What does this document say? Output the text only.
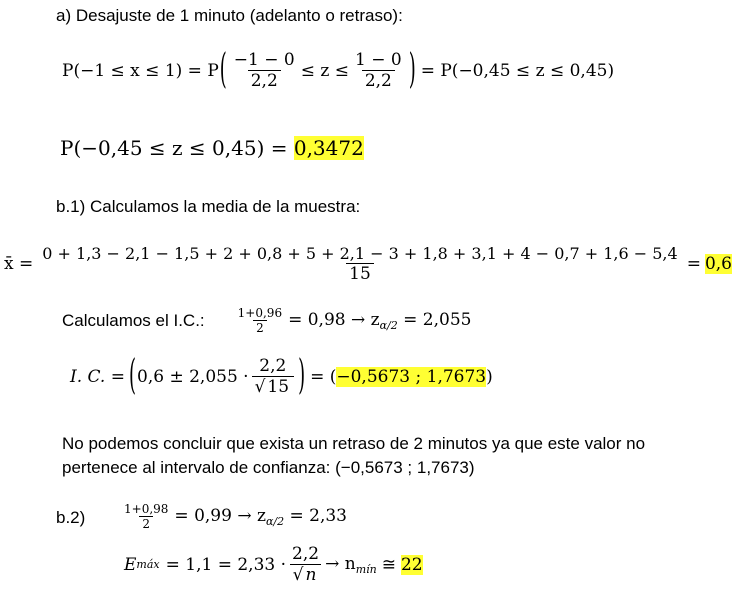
a) Desajuste de 1 minuto (adelanto o retraso):
P(−1 ≤ x ≤ 1) = P ( $\frac{-1 - 0}{2,2} \le z \le \frac{1 - 0}{2,2}$ ) = P(−0,45 ≤ z ≤ 0,45)
P(−0,45 ≤ z ≤ 0,45) = 0,3472
b.1) Calculamos la media de la muestra:
x̄ =
0 + 1,3 − 2,1 − 1,5 + 2 + 0,8 + 5 + 2,1 − 3 + 1,8 + 3,1 + 4 − 0,7 + 1,6 − 5,4
15	= 0,6
Calculamos el I.C.:	$\frac{1+0,96}{2} = 0,98 \to z_{\alpha/2} = 2,055$
I. C. = ( $0,6 \pm 2,055 \cdot \frac{2,2}{√ 15}$ ) = ( −0,5673 ; 1,7673 )
No podemos concluir que exista un retraso de 2 minutos ya que este valor no
pertenece al intervalo de confianza: (−0,5673 ; 1,7673)
b.2)	$\frac{1+0,98}{2} = 0,99 \to z_{\alpha/2} = 2,33$
E máx = $1,1 = 2,33 \cdot \frac{2,2}{√ n} \to n_{mín}$ ≅ 22
